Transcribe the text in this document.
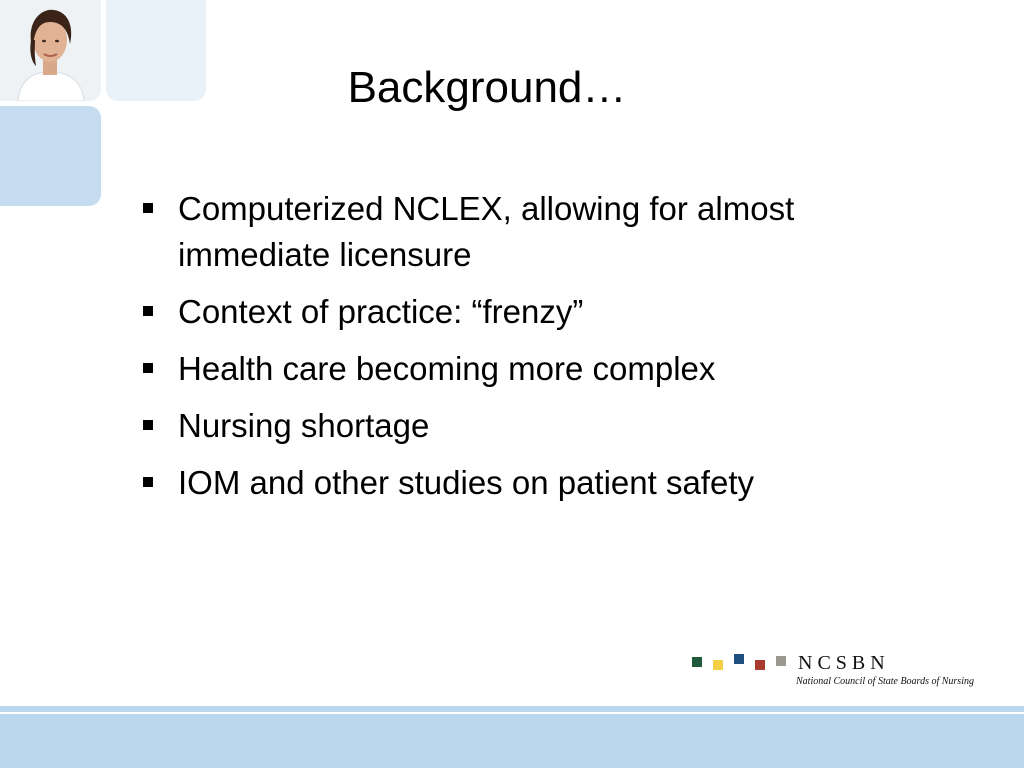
Background…
Computerized NCLEX, allowing for almost immediate licensure
Context of practice: “frenzy”
Health care becoming more complex
Nursing shortage
IOM and other studies on patient safety
NCSBN
National Council of State Boards of Nursing
